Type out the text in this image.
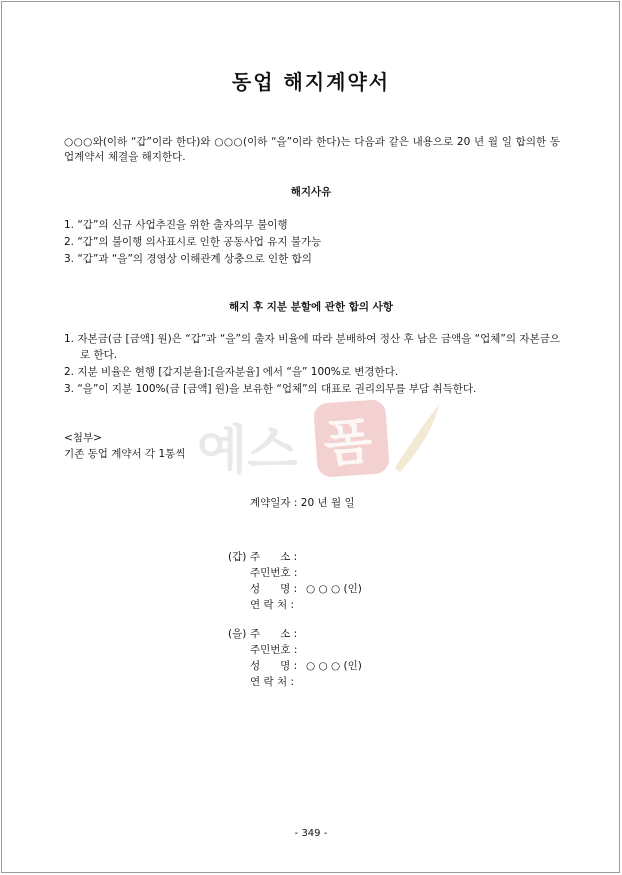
동업 해지계약서
○○○와(이하 “갑”이라 한다)와 ○○○(이하 “을”이라 한다)는 다음과 같은 내용으로 20 년 월 일 합의한 동업계약서 체결을 해지한다.
해지사유
1. “갑”의 신규 사업추진을 위한 출자의무 불이행
2. “갑”의 불이행 의사표시로 인한 공동사업 유지 불가능
3. “갑”과 “을”의 경영상 이해관계 상충으로 인한 합의
해지 후 지분 분할에 관한 합의 사항
1. 자본금(금 [금액] 원)은 “갑”과 “을”의 출자 비율에 따라 분배하여 정산 후 남은 금액을 “업체”의 자본금으로 한다.
2. 지분 비율은 현행 [갑지분율]:[을자분율] 에서 “을” 100%로 변경한다.
3. “을”이 지분 100%(금 [금액] 원)을 보유한 “업체”의 대표로 권리의무를 부담 취득한다.
예스 폼
<첨부>
기존 동업 계약서 각 1통씩
계약일자 : 20 년 월 일
(갑) 주      소 :
주민번호 :
성      명 : ○ ○ ○ (인)
연 락 처 :
(을) 주      소 :
주민번호 :
성      명 : ○ ○ ○ (인)
연 락 처 :
- 349 -
